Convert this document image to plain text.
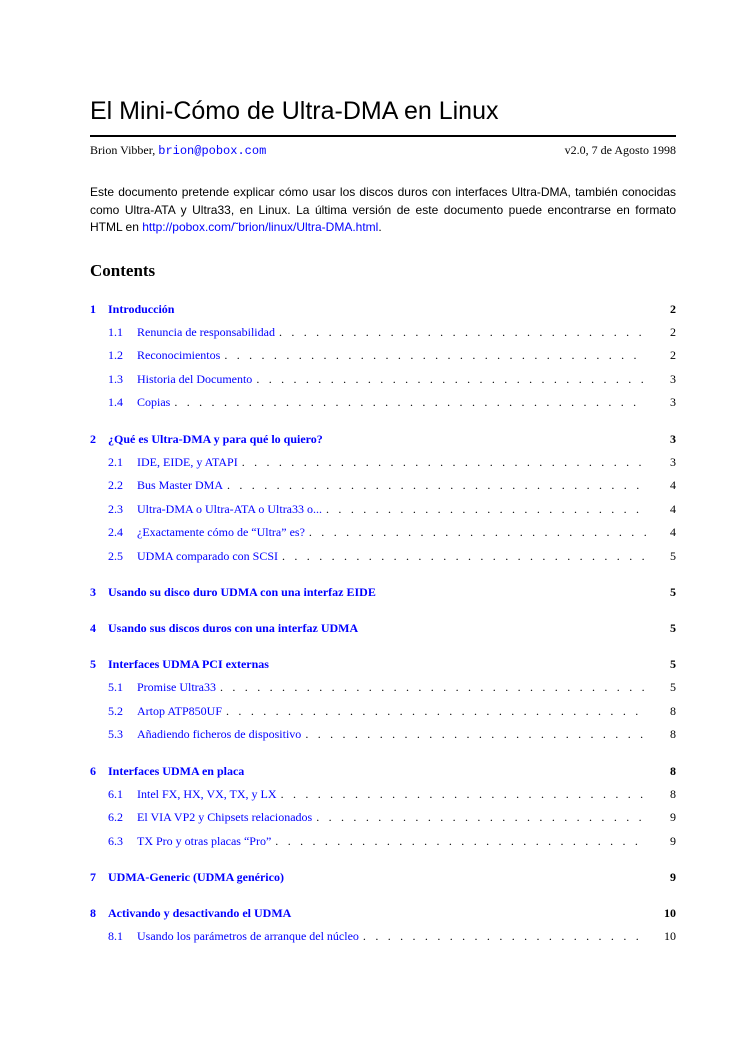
El Mini-Cómo de Ultra-DMA en Linux
Brion Vibber, brion@pobox.com	v2.0, 7 de Agosto 1998
Este documento pretende explicar cómo usar los discos duros con interfaces Ultra-DMA, también conocidas como Ultra-ATA y Ultra33, en Linux. La última versión de este documento puede encontrarse en formato HTML en http://pobox.com/˜brion/linux/Ultra-DMA.html.
Contents
1	Introducción	2
1.1	Renuncia de responsabilidad . . .	2
1.2	Reconocimientos . . .	2
1.3	Historia del Documento . . .	3
1.4	Copias . . .	3
2	¿Qué es Ultra-DMA y para qué lo quiero?	3
2.1	IDE, EIDE, y ATAPI . . .	3
2.2	Bus Master DMA . . .	4
2.3	Ultra-DMA o Ultra-ATA o Ultra33 o... . . .	4
2.4	¿Exactamente cómo de “Ultra” es? . . .	4
2.5	UDMA comparado con SCSI . . .	5
3	Usando su disco duro UDMA con una interfaz EIDE	5
4	Usando sus discos duros con una interfaz UDMA	5
5	Interfaces UDMA PCI externas	5
5.1	Promise Ultra33 . . .	5
5.2	Artop ATP850UF . . .	8
5.3	Añadiendo ficheros de dispositivo . . .	8
6	Interfaces UDMA en placa	8
6.1	Intel FX, HX, VX, TX, y LX . . .	8
6.2	El VIA VP2 y Chipsets relacionados . . .	9
6.3	TX Pro y otras placas “Pro” . . .	9
7	UDMA-Generic (UDMA genérico)	9
8	Activando y desactivando el UDMA	10
8.1	Usando los parámetros de arranque del núcleo . . .	10
